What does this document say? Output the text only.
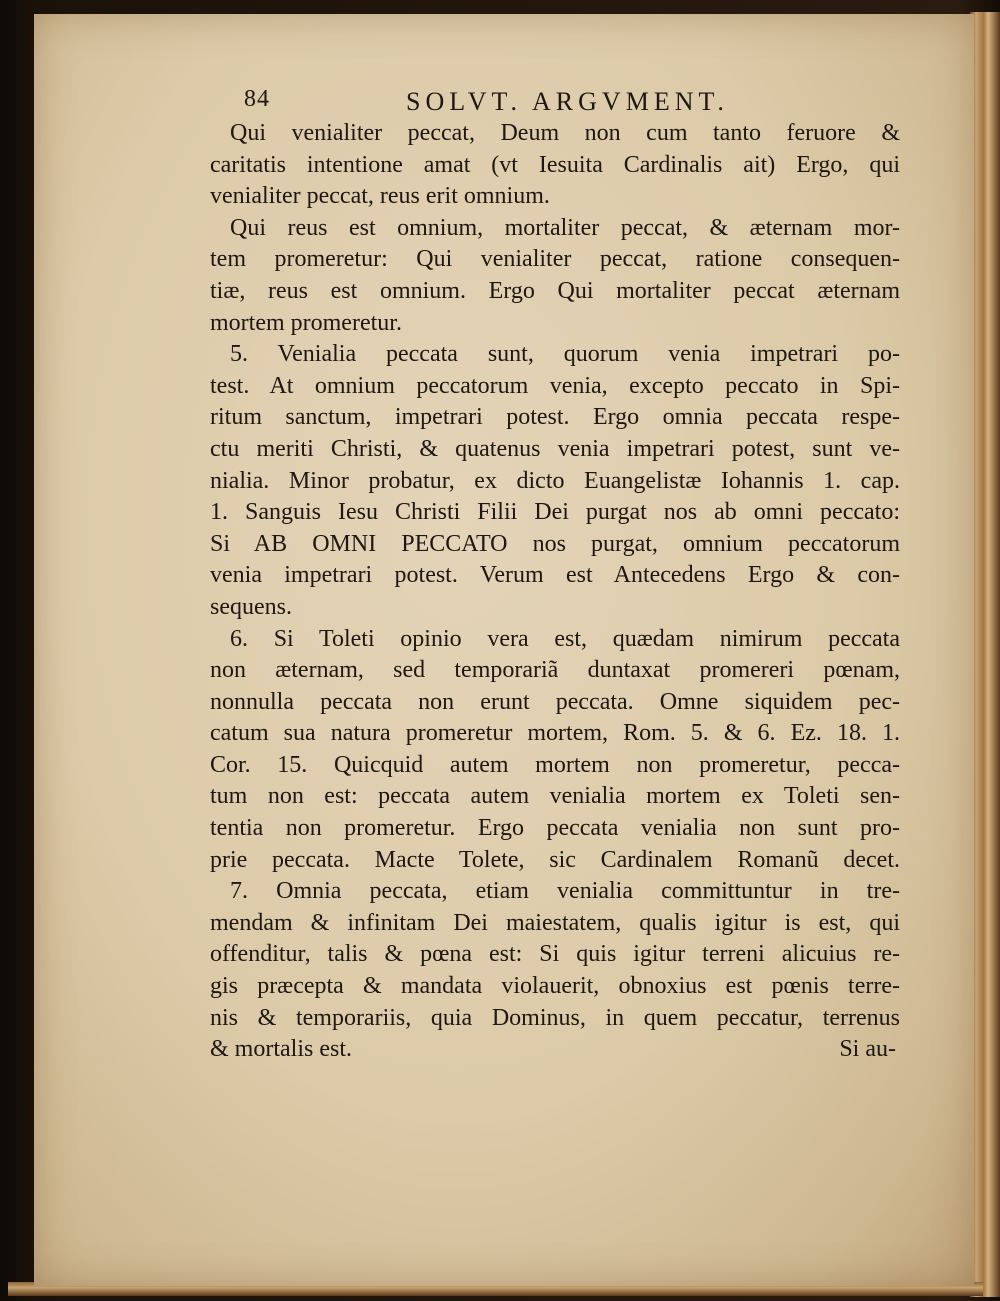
84	SOLVT. ARGVMENT.
Qui venialiter peccat, Deum non cum tanto feruore &
caritatis intentione amat (vt Iesuita Cardinalis ait) Ergo, qui
venialiter peccat, reus erit omnium.
Qui reus est omnium, mortaliter peccat, & æternam mor-
tem promeretur: Qui venialiter peccat, ratione consequen-
tiæ, reus est omnium. Ergo Qui mortaliter peccat æternam
mortem promeretur.
5. Venialia peccata sunt, quorum venia impetrari po-
test. At omnium peccatorum venia, excepto peccato in Spi-
ritum sanctum, impetrari potest. Ergo omnia peccata respe-
ctu meriti Christi, & quatenus venia impetrari potest, sunt ve-
nialia. Minor probatur, ex dicto Euangelistæ Iohannis 1. cap.
1. Sanguis Iesu Christi Filii Dei purgat nos ab omni peccato:
Si AB OMNI PECCATO nos purgat, omnium peccatorum
venia impetrari potest. Verum est Antecedens Ergo & con-
sequens.
6. Si Toleti opinio vera est, quædam nimirum peccata
non æternam, sed temporariã duntaxat promereri pœnam,
nonnulla peccata non erunt peccata. Omne siquidem pec-
catum sua natura promeretur mortem, Rom. 5. & 6. Ez. 18. 1.
Cor. 15. Quicquid autem mortem non promeretur, pecca-
tum non est: peccata autem venialia mortem ex Toleti sen-
tentia non promeretur. Ergo peccata venialia non sunt pro-
prie peccata. Macte Tolete, sic Cardinalem Romanũ decet.
7. Omnia peccata, etiam venialia committuntur in tre-
mendam & infinitam Dei maiestatem, qualis igitur is est, qui
offenditur, talis & pœna est: Si quis igitur terreni alicuius re-
gis præcepta & mandata violauerit, obnoxius est pœnis terre-
nis & temporariis, quia Dominus, in quem peccatur, terrenus
& mortalis est.	Si au-
